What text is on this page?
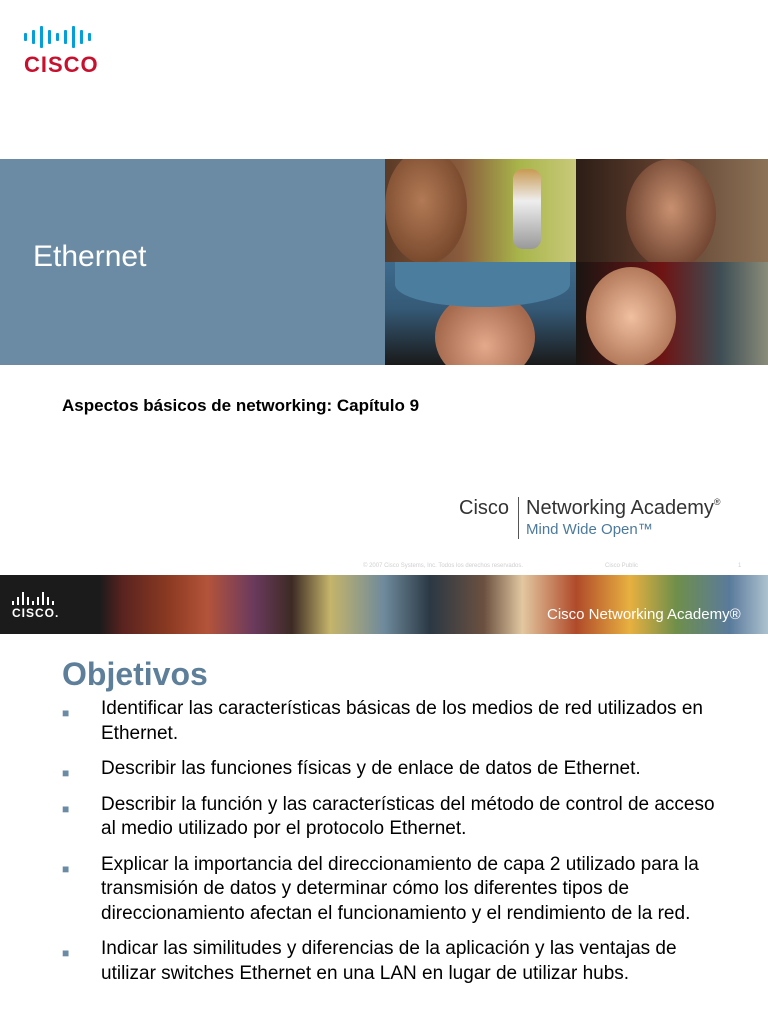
CISCO
Ethernet
Aspectos básicos de networking: Capítulo 9
Cisco Networking Academy®
Mind Wide Open™
© 2007 Cisco Systems, Inc. Todos los derechos reservados.	Cisco Public	1
CISCO.	Cisco Networking Academy®
Objetivos
■ Identificar las características básicas de los medios de red utilizados en Ethernet.
■ Describir las funciones físicas y de enlace de datos de Ethernet.
■ Describir la función y las características del método de control de acceso al medio utilizado por el protocolo Ethernet.
■ Explicar la importancia del direccionamiento de capa 2 utilizado para la transmisión de datos y determinar cómo los diferentes tipos de direccionamiento afectan el funcionamiento y el rendimiento de la red.
■ Indicar las similitudes y diferencias de la aplicación y las ventajas de utilizar switches Ethernet en una LAN en lugar de utilizar hubs.
